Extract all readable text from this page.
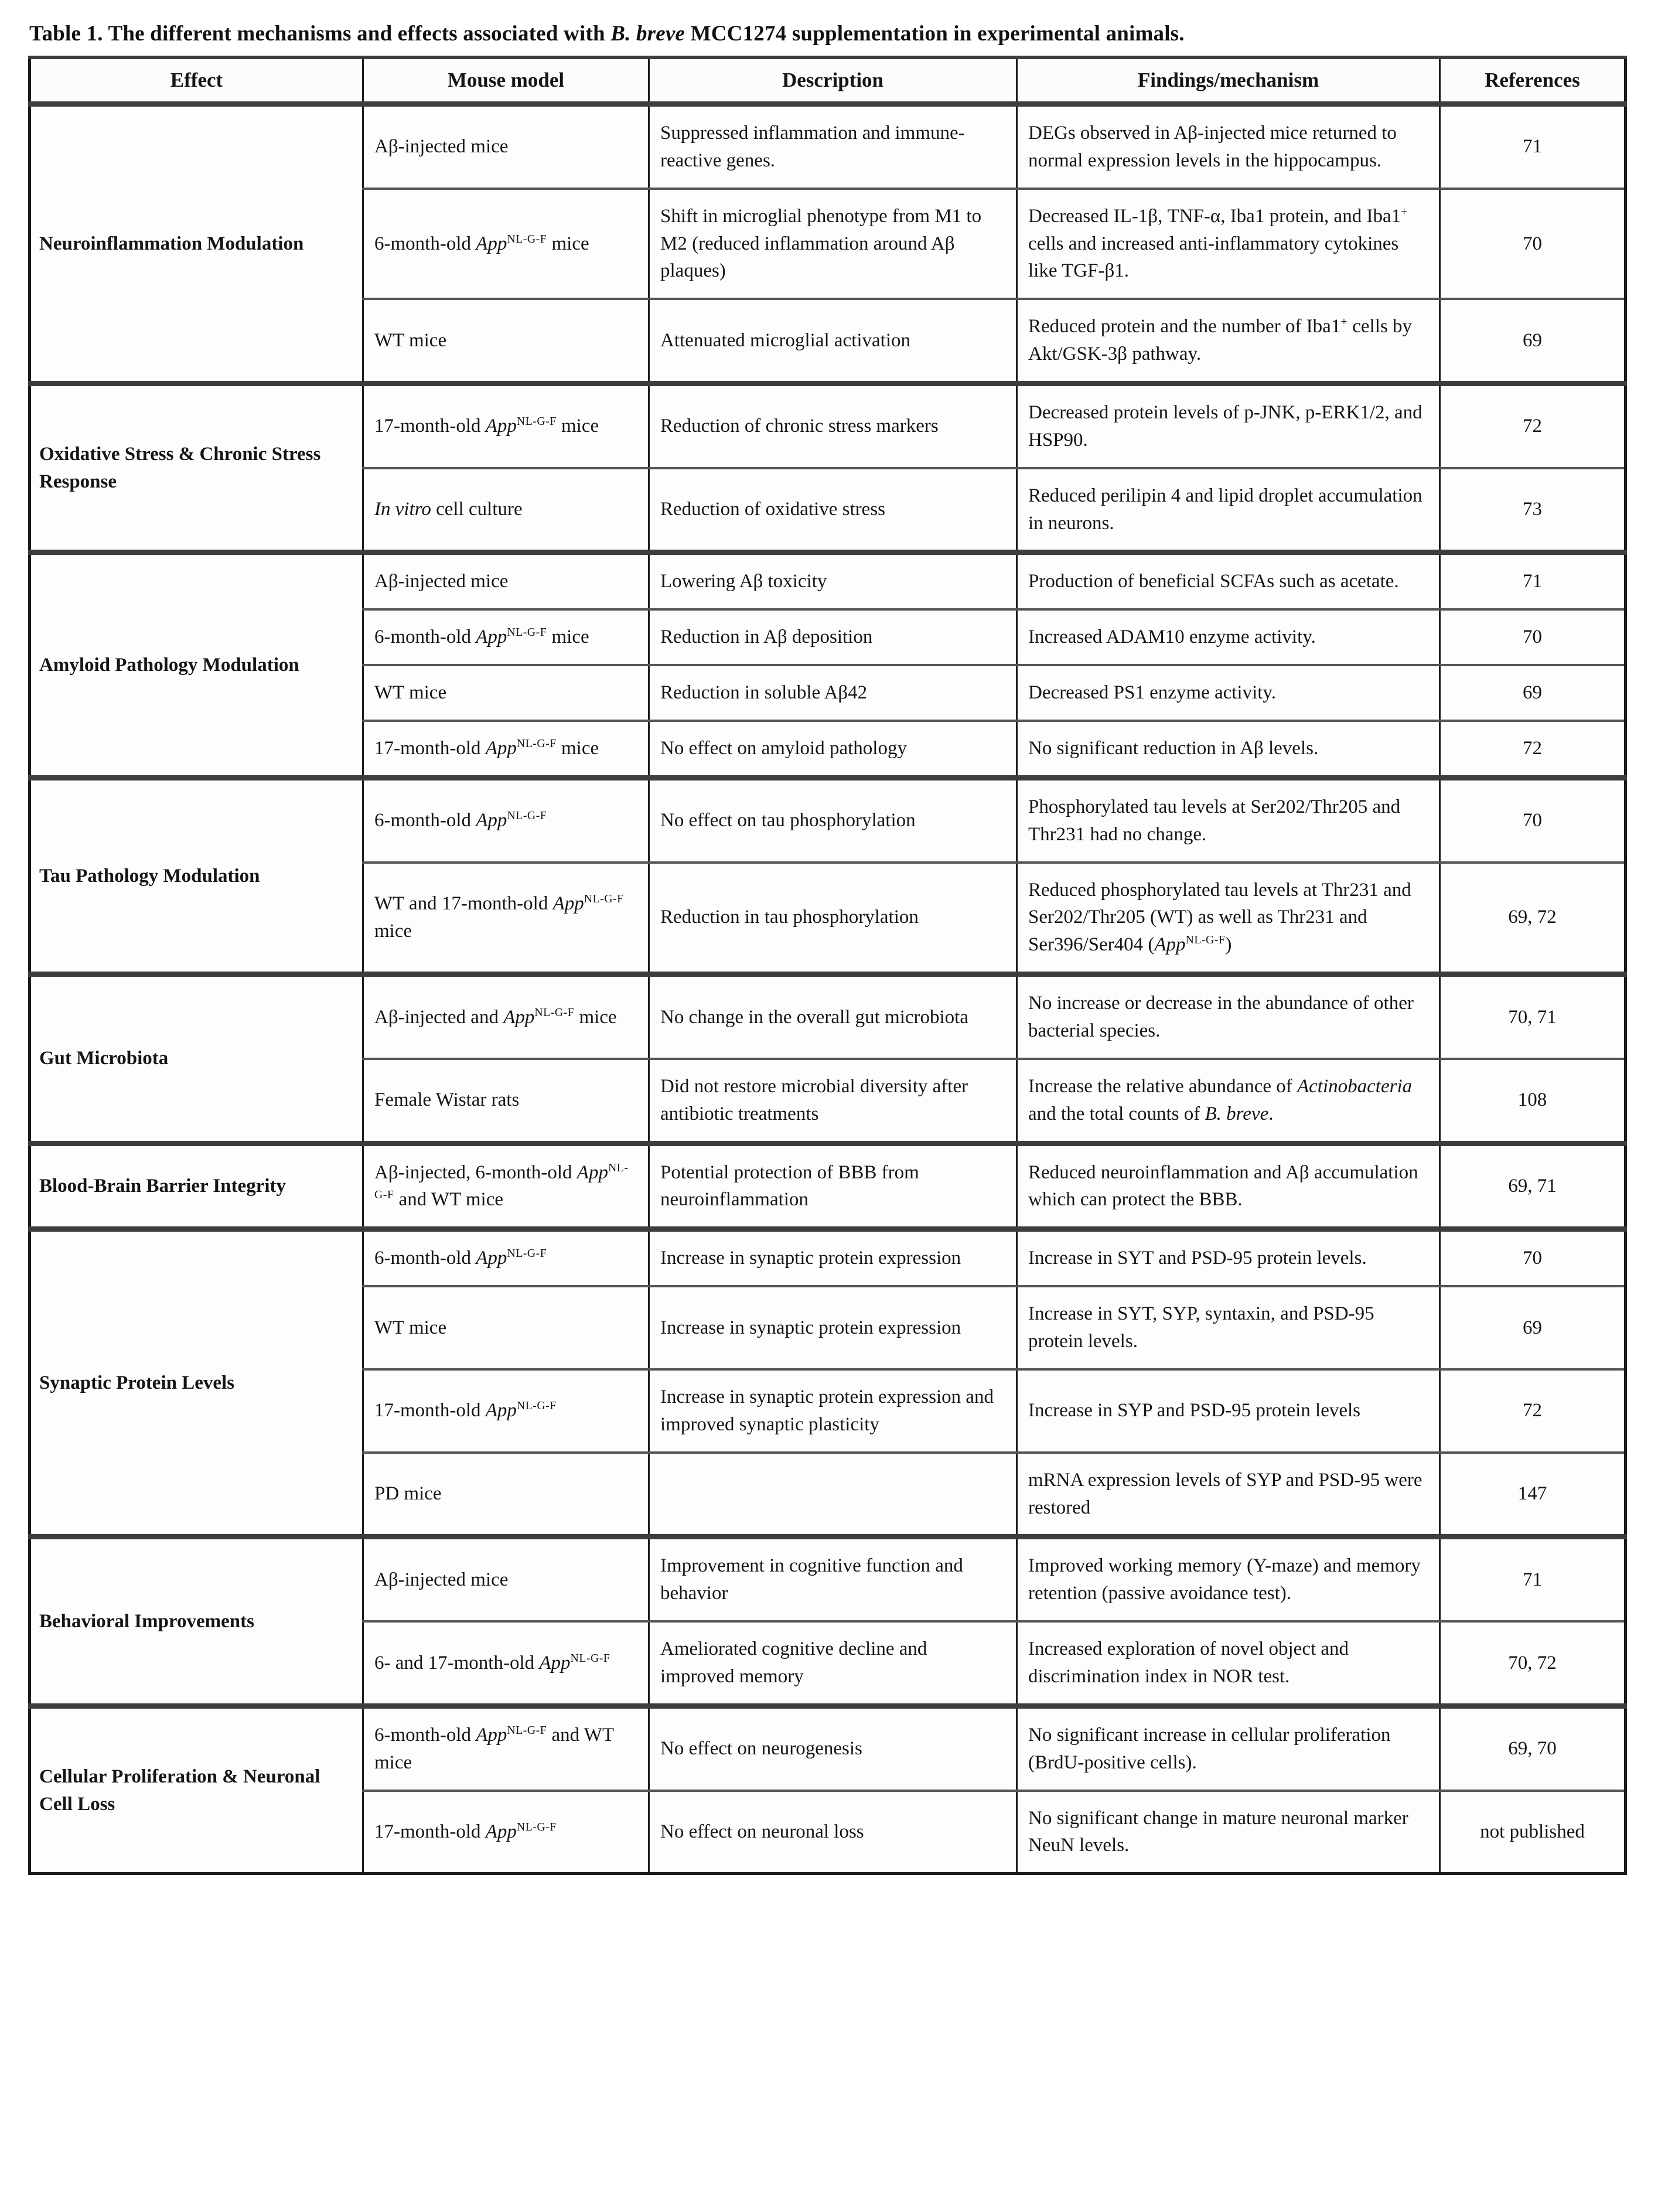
Table 1. The different mechanisms and effects associated with B. breve MCC1274 supplementation in experimental animals.
Effect	Mouse model	Description	Findings/mechanism	References
Neuroinflammation Modulation	Aβ-injected mice	Suppressed inflammation and immune-reactive genes.	DEGs observed in Aβ-injected mice returned to normal expression levels in the hippocampus.	71
	6-month-old App$^{NL-G-F}$ mice	Shift in microglial phenotype from M1 to M2 (reduced inflammation around Aβ plaques)	Decreased IL-1β, TNF-α, Iba1 protein, and Iba1+ cells and increased anti-inflammatory cytokines like TGF-β1.	70
	WT mice	Attenuated microglial activation	Reduced protein and the number of Iba1+ cells by Akt/GSK-3β pathway.	69
Oxidative Stress & Chronic Stress Response	17-month-old App$^{NL-G-F}$ mice	Reduction of chronic stress markers	Decreased protein levels of p-JNK, p-ERK1/2, and HSP90.	72
	In vitro cell culture	Reduction of oxidative stress	Reduced perilipin 4 and lipid droplet accumulation in neurons.	73
Amyloid Pathology Modulation	Aβ-injected mice	Lowering Aβ toxicity	Production of beneficial SCFAs such as acetate.	71
	6-month-old App$^{NL-G-F}$ mice	Reduction in Aβ deposition	Increased ADAM10 enzyme activity.	70
	WT mice	Reduction in soluble Aβ42	Decreased PS1 enzyme activity.	69
	17-month-old App$^{NL-G-F}$ mice	No effect on amyloid pathology	No significant reduction in Aβ levels.	72
Tau Pathology Modulation	6-month-old App$^{NL-G-F}$	No effect on tau phosphorylation	Phosphorylated tau levels at Ser202/Thr205 and Thr231 had no change.	70
	WT and 17-month-old App$^{NL-G-F}$ mice	Reduction in tau phosphorylation	Reduced phosphorylated tau levels at Thr231 and Ser202/Thr205 (WT) as well as Thr231 and Ser396/Ser404 (App$^{NL-G-F}$)	69, 72
Gut Microbiota	Aβ-injected and App$^{NL-G-F}$ mice	No change in the overall gut microbiota	No increase or decrease in the abundance of other bacterial species.	70, 71
	Female Wistar rats	Did not restore microbial diversity after antibiotic treatments	Increase the relative abundance of Actinobacteria and the total counts of B. breve.	108
Blood-Brain Barrier Integrity	Aβ-injected, 6-month-old App$^{NL-G-F}$ and WT mice	Potential protection of BBB from neuroinflammation	Reduced neuroinflammation and Aβ accumulation which can protect the BBB.	69, 71
Synaptic Protein Levels	6-month-old App$^{NL-G-F}$	Increase in synaptic protein expression	Increase in SYT and PSD-95 protein levels.	70
	WT mice	Increase in synaptic protein expression	Increase in SYT, SYP, syntaxin, and PSD-95 protein levels.	69
	17-month-old App$^{NL-G-F}$	Increase in synaptic protein expression and improved synaptic plasticity	Increase in SYP and PSD-95 protein levels	72
	PD mice		mRNA expression levels of SYP and PSD-95 were restored	147
Behavioral Improvements	Aβ-injected mice	Improvement in cognitive function and behavior	Improved working memory (Y-maze) and memory retention (passive avoidance test).	71
	6- and 17-month-old App$^{NL-G-F}$	Ameliorated cognitive decline and improved memory	Increased exploration of novel object and discrimination index in NOR test.	70, 72
Cellular Proliferation & Neuronal Cell Loss	6-month-old App$^{NL-G-F}$ and WT mice	No effect on neurogenesis	No significant increase in cellular proliferation (BrdU-positive cells).	69, 70
	17-month-old App$^{NL-G-F}$	No effect on neuronal loss	No significant change in mature neuronal marker NeuN levels.	not published
